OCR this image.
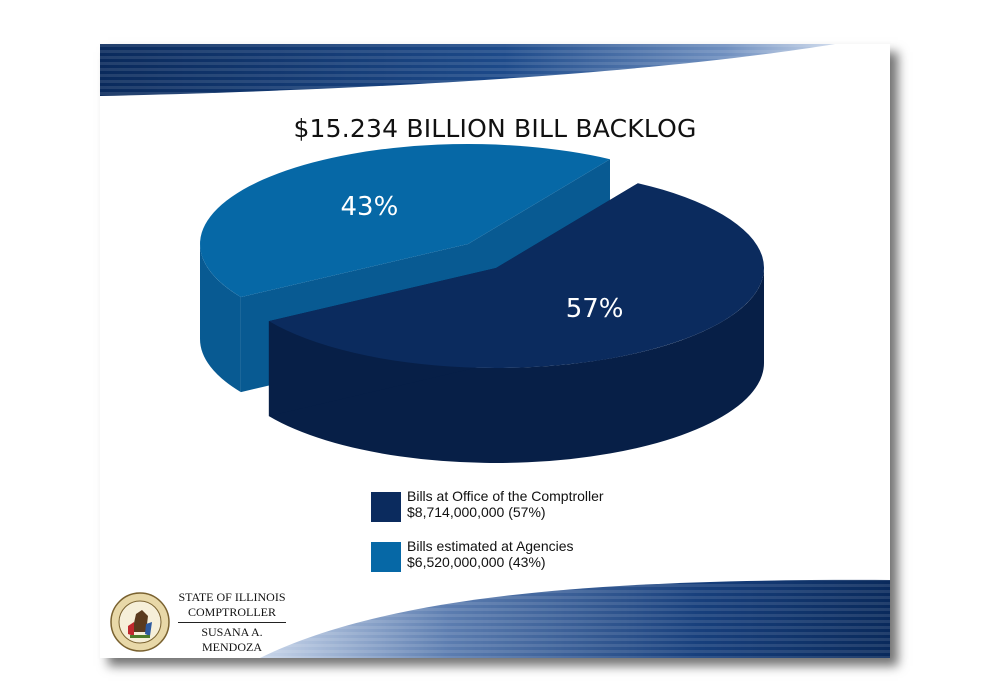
43%
57%
$15.234 BILLION BILL BACKLOG
Bills at Office of the Comptroller
$8,714,000,000 (57%)
Bills estimated at Agencies
$6,520,000,000 (43%)
STATE OF ILLINOIS
COMPTROLLER
SUSANA A. MENDOZA
